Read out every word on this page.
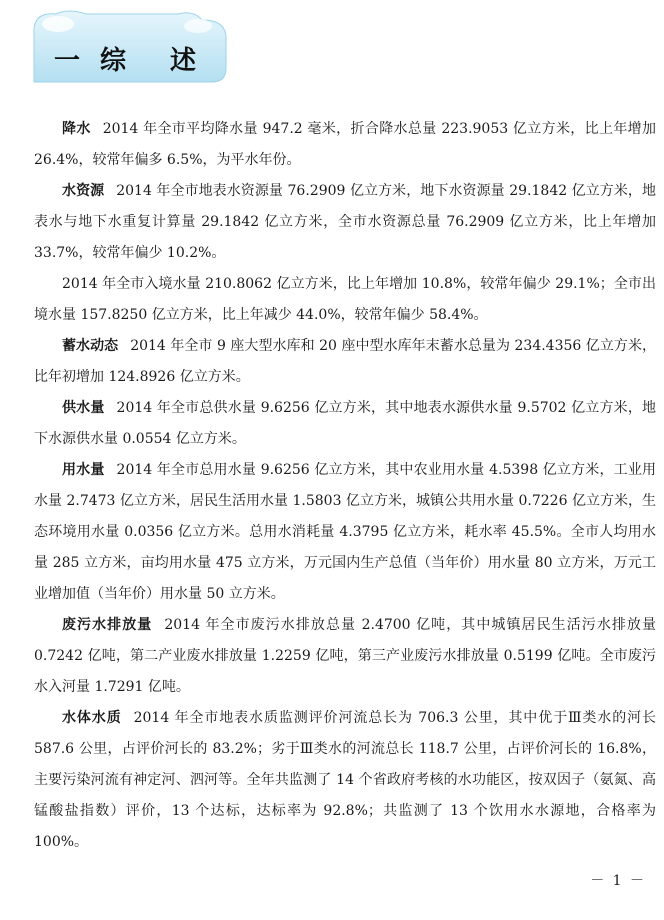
一 综 述

降水 2014 年全市平均降水量 947.2 毫米，折合降水总量 223.9053 亿立方米，比上年增加 26.4%，较常年偏多 6.5%，为平水年份。

水资源 2014 年全市地表水资源量 76.2909 亿立方米，地下水资源量 29.1842 亿立方米，地表水与地下水重复计算量 29.1842 亿立方米，全市水资源总量 76.2909 亿立方米，比上年增加 33.7%，较常年偏少 10.2%。

2014 年全市入境水量 210.8062 亿立方米，比上年增加 10.8%，较常年偏少 29.1%；全市出境水量 157.8250 亿立方米，比上年减少 44.0%，较常年偏少 58.4%。

蓄水动态 2014 年全市 9 座大型水库和 20 座中型水库年末蓄水总量为 234.4356 亿立方米，比年初增加 124.8926 亿立方米。

供水量 2014 年全市总供水量 9.6256 亿立方米，其中地表水源供水量 9.5702 亿立方米，地下水源供水量 0.0554 亿立方米。

用水量 2014 年全市总用水量 9.6256 亿立方米，其中农业用水量 4.5398 亿立方米，工业用水量 2.7473 亿立方米，居民生活用水量 1.5803 亿立方米，城镇公共用水量 0.7226 亿立方米，生态环境用水量 0.0356 亿立方米。总用水消耗量 4.3795 亿立方米，耗水率 45.5%。全市人均用水量 285 立方米，亩均用水量 475 立方米，万元国内生产总值（当年价）用水量 80 立方米，万元工业增加值（当年价）用水量 50 立方米。

废污水排放量 2014 年全市废污水排放总量 2.4700 亿吨，其中城镇居民生活污水排放量 0.7242 亿吨，第二产业废水排放量 1.2259 亿吨，第三产业废污水排放量 0.5199 亿吨。全市废污水入河量 1.7291 亿吨。

水体水质 2014 年全市地表水质监测评价河流总长为 706.3 公里，其中优于Ⅲ类水的河长 587.6 公里，占评价河长的 83.2%；劣于Ⅲ类水的河流总长 118.7 公里，占评价河长的 16.8%，主要污染河流有神定河、泗河等。全年共监测了 14 个省政府考核的水功能区，按双因子（氨氮、高锰酸盐指数）评价，13 个达标，达标率为 92.8%；共监测了 13 个饮用水水源地，合格率为 100%。

－ 1 －
